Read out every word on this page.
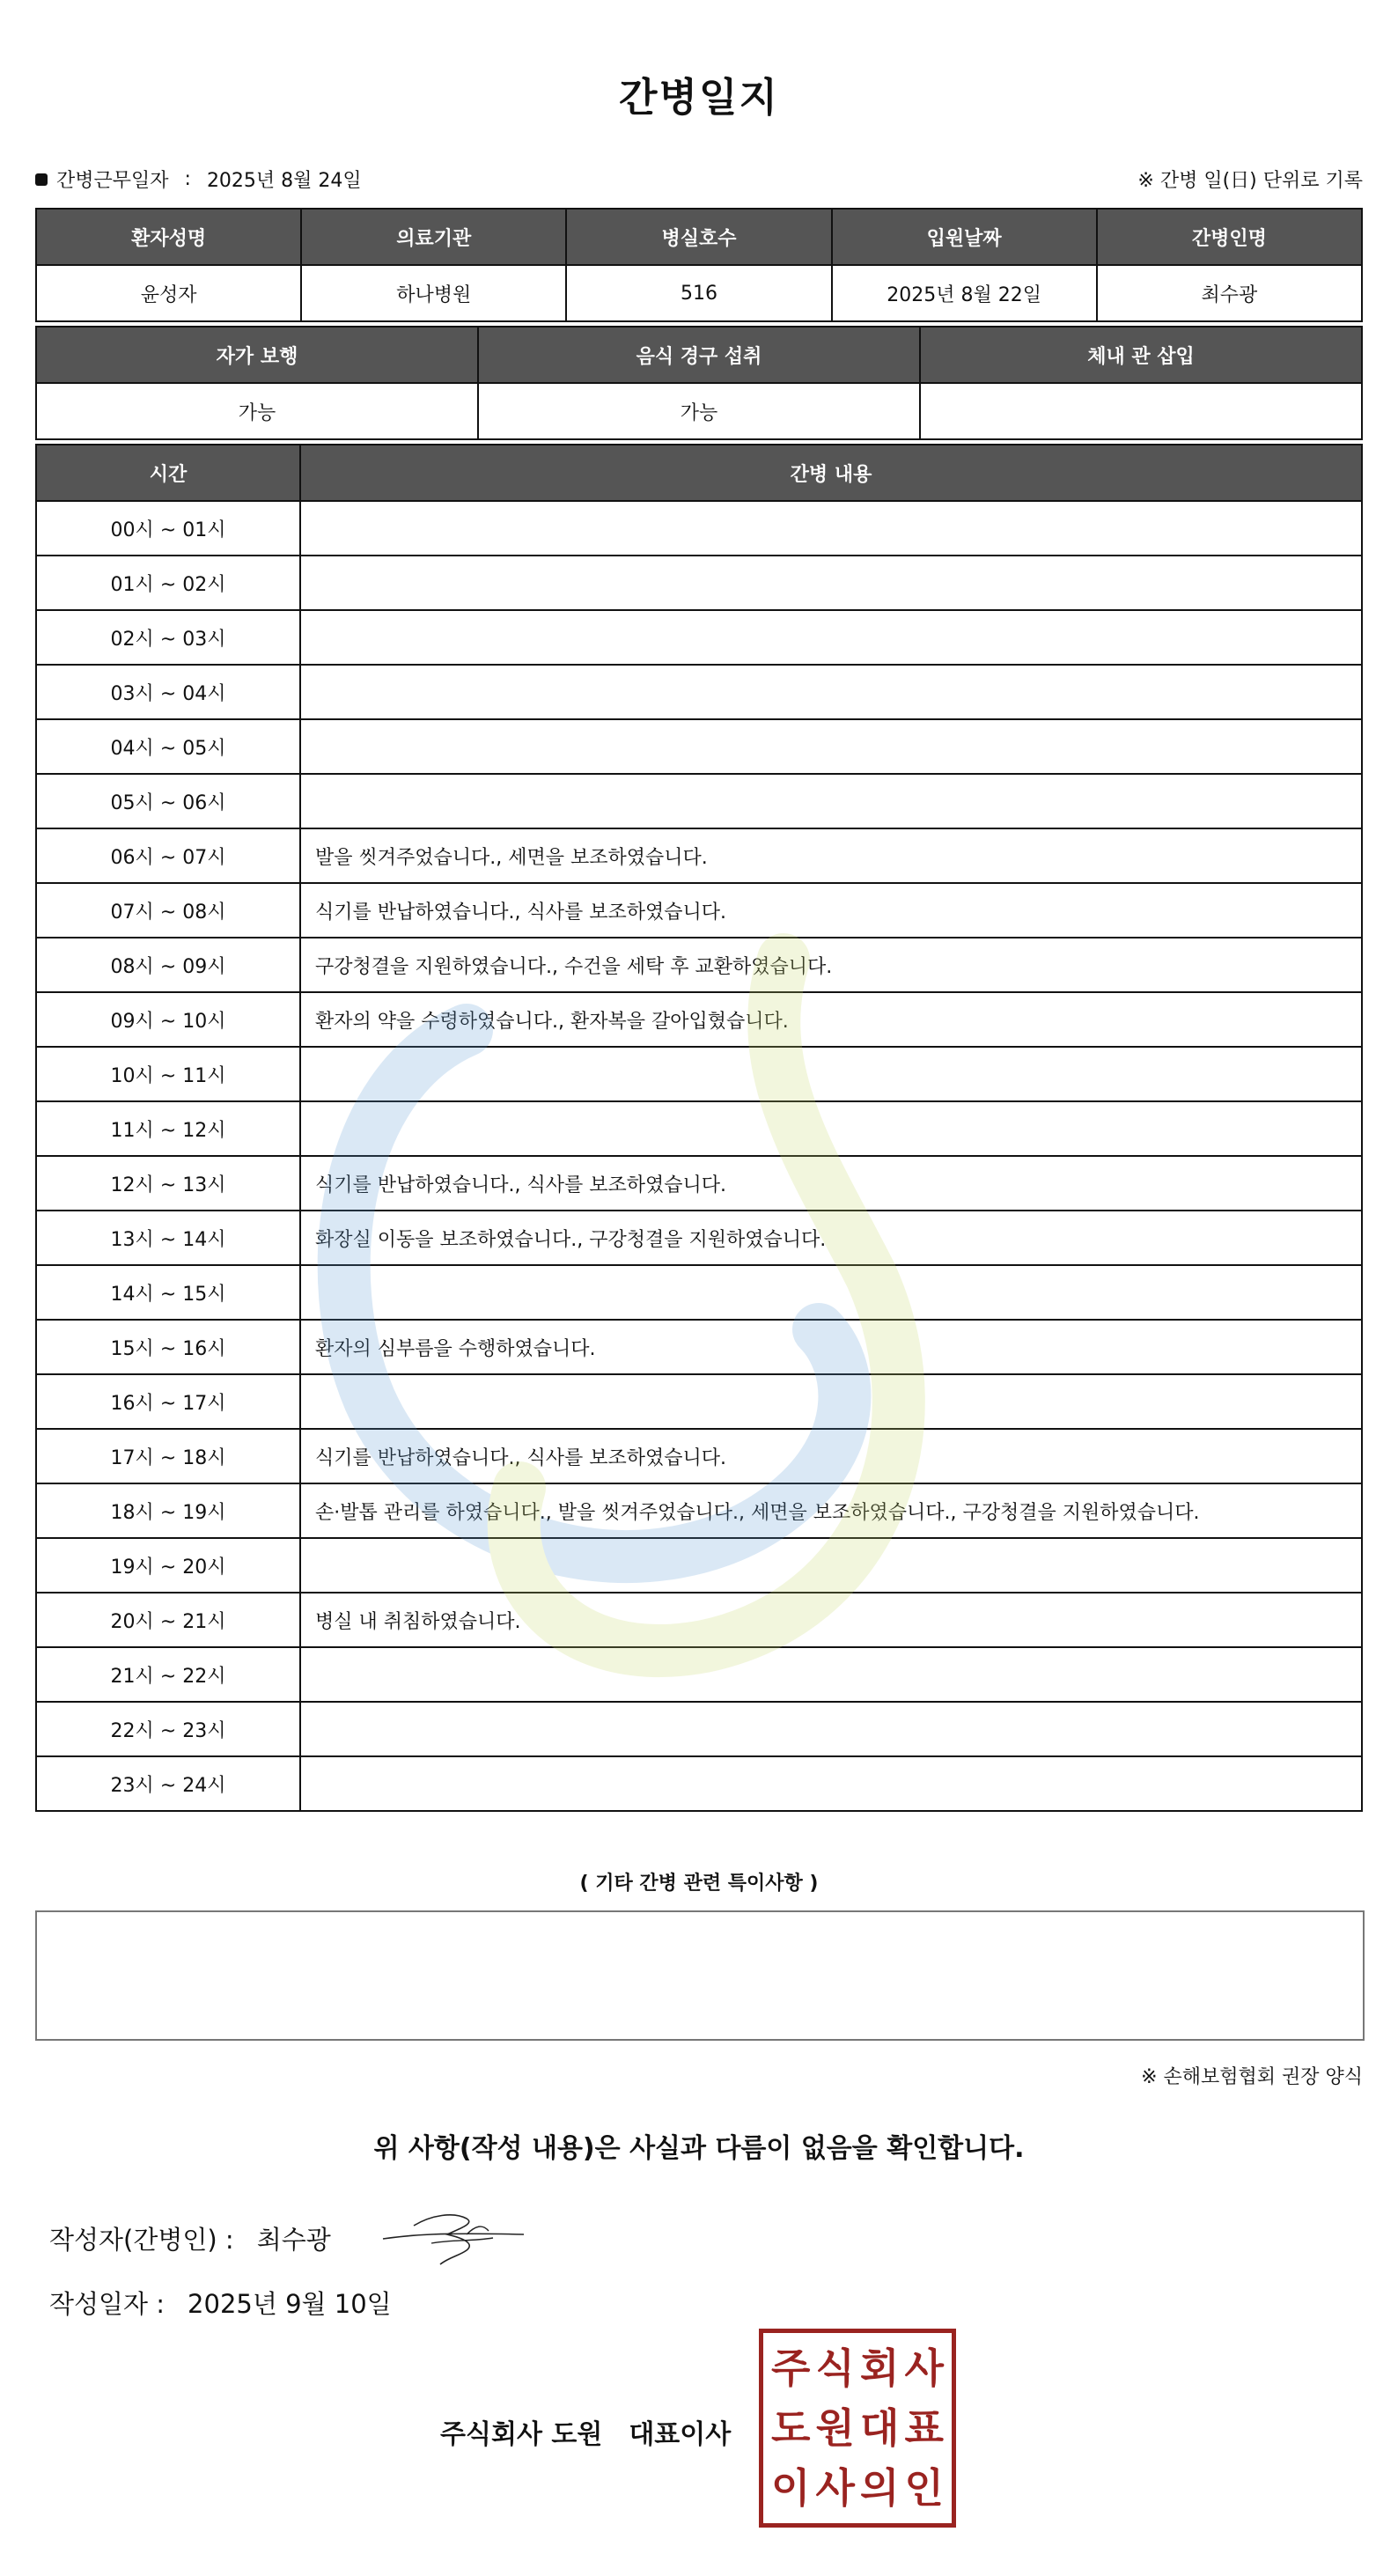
간병일지
간병근무일자 : 2025년 8월 24일	※ 간병 일(日) 단위로 기록
환자성명	의료기관	병실호수	입원날짜	간병인명
윤성자	하나병원	516	2025년 8월 22일	최수광
자가 보행	음식 경구 섭취	체내 관 삽입
가능	가능	
시간	간병 내용
00시 ~ 01시	
01시 ~ 02시	
02시 ~ 03시	
03시 ~ 04시	
04시 ~ 05시	
05시 ~ 06시	
06시 ~ 07시	발을 씻겨주었습니다., 세면을 보조하였습니다.
07시 ~ 08시	식기를 반납하였습니다., 식사를 보조하였습니다.
08시 ~ 09시	구강청결을 지원하였습니다., 수건을 세탁 후 교환하였습니다.
09시 ~ 10시	환자의 약을 수령하였습니다., 환자복을 갈아입혔습니다.
10시 ~ 11시	
11시 ~ 12시	
12시 ~ 13시	식기를 반납하였습니다., 식사를 보조하였습니다.
13시 ~ 14시	화장실 이동을 보조하였습니다., 구강청결을 지원하였습니다.
14시 ~ 15시	
15시 ~ 16시	환자의 심부름을 수행하였습니다.
16시 ~ 17시	
17시 ~ 18시	식기를 반납하였습니다., 식사를 보조하였습니다.
18시 ~ 19시	손·발톱 관리를 하였습니다., 발을 씻겨주었습니다., 세면을 보조하였습니다., 구강청결을 지원하였습니다.
19시 ~ 20시	
20시 ~ 21시	병실 내 취침하였습니다.
21시 ~ 22시	
22시 ~ 23시	
23시 ~ 24시	
( 기타 간병 관련 특이사항 )
※ 손해보험협회 권장 양식
위 사항(작성 내용)은 사실과 다름이 없음을 확인합니다.
작성자(간병인) : 최수광
작성일자 : 2025년 9월 10일
주식회사 도원 대표이사
주 식 회 사
도 원 대 표
이 사 의 인
